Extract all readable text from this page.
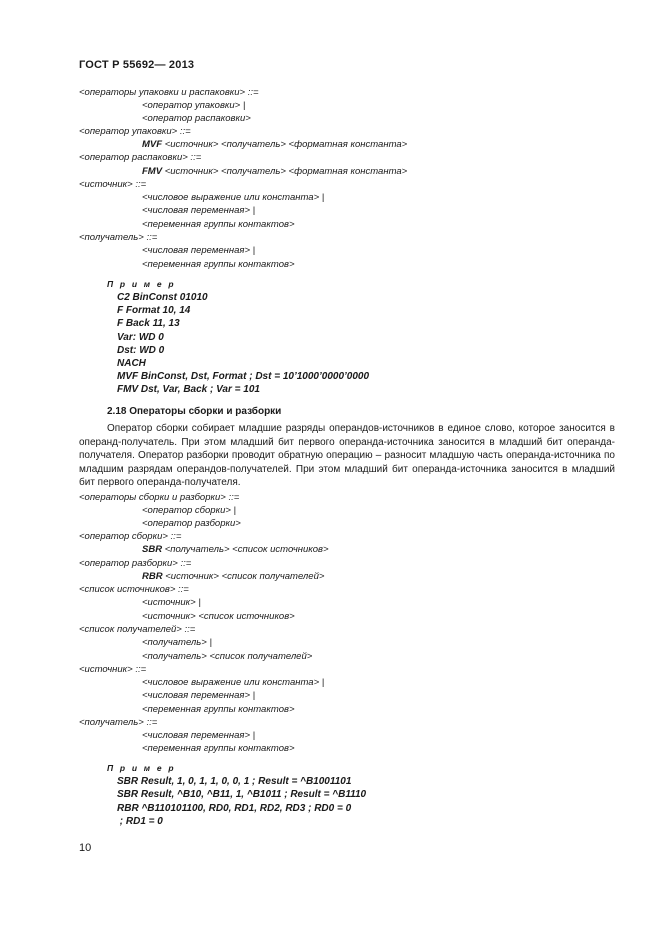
ГОСТ Р 55692— 2013
<операторы упаковки и распаковки> ::=
<оператор упаковки> |
<оператор распаковки>
<оператор упаковки> ::=
MVF <источник> <получатель> <форматная константа>
<оператор распаковки> ::=
FMV <источник> <получатель> <форматная константа>
<источник> ::=
<числовое выражение или константа> |
<числовая переменная> |
<переменная группы контактов>
<получатель> ::=
<числовая переменная> |
<переменная группы контактов>
П р и м е р
C2 BinConst 01010
F Format 10, 14
F Back 11, 13
Var: WD 0
Dst: WD 0
NACH
MVF BinConst, Dst, Format ; Dst = 10’1000’0000’0000
FMV Dst, Var, Back ; Var = 101
2.18 Операторы сборки и разборки
Оператор сборки собирает младшие разряды операндов-источников в единое слово, которое заносится в операнд-получатель. При этом младший бит первого операнда-источника заносится в младший бит операнда-получателя. Оператор разборки проводит обратную операцию – разносит младшую часть операнда-источника по младшим разрядам операндов-получателей. При этом младший бит операнда-источника заносится в младший бит первого операнда-получателя.
<операторы сборки и разборки> ::=
<оператор сборки> |
<оператор разборки>
<оператор сборки> ::=
SBR <получатель> <список источников>
<оператор разборки> ::=
RBR <источник> <список получателей>
<список источников> ::=
<источник> |
<источник> <список источников>
<список получателей> ::=
<получатель> |
<получатель> <список получателей>
<источник> ::=
<числовое выражение или константа> |
<числовая переменная> |
<переменная группы контактов>
<получатель> ::=
<числовая переменная> |
<переменная группы контактов>
П р и м е р
SBR Result, 1, 0, 1, 1, 0, 0, 1 ; Result = ^B1001101
SBR Result, ^B10, ^B11, 1, ^B1011 ; Result = ^B1110
RBR ^B110101100, RD0, RD1, RD2, RD3 ; RD0 = 0
; RD1 = 0
10
